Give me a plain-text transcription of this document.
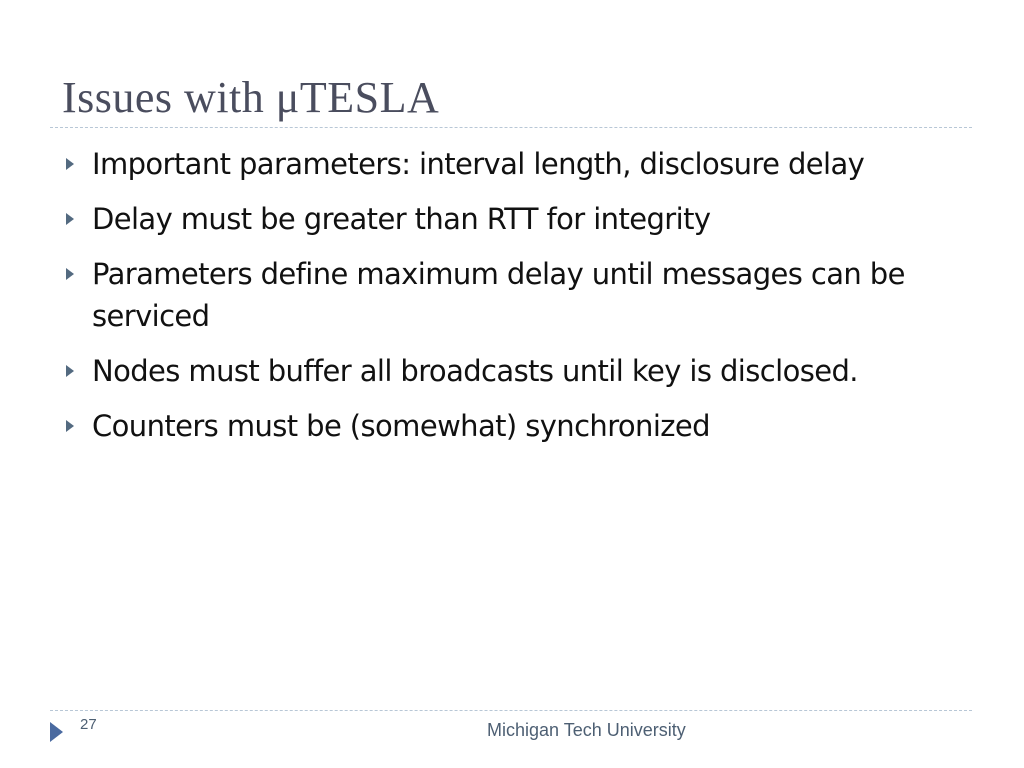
Issues with μTESLA
Important parameters: interval length, disclosure delay
Delay must be greater than RTT for integrity
Parameters define maximum delay until messages can be serviced
Nodes must buffer all broadcasts until key is disclosed.
Counters must be (somewhat) synchronized
27	Michigan Tech University
